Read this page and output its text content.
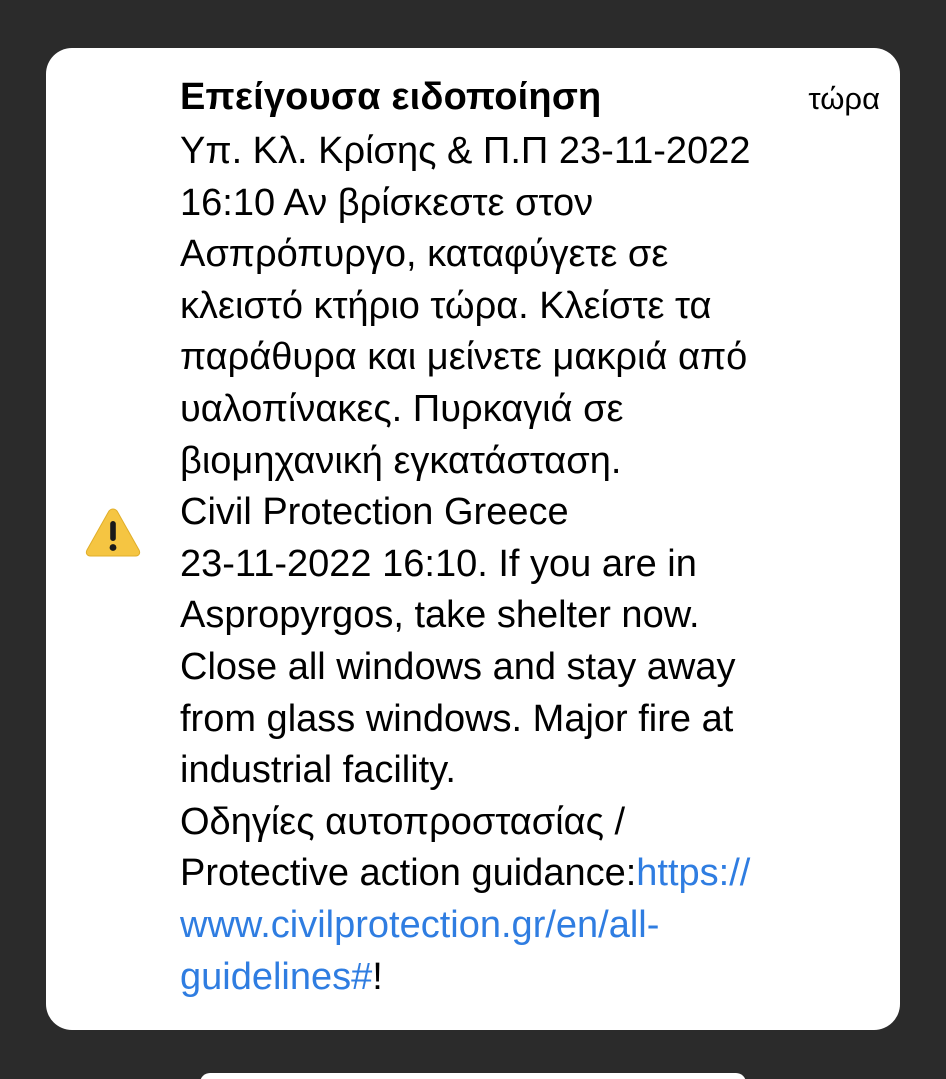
Επείγουσα ειδοποίηση	τώρα
Υπ. Κλ. Κρίσης & Π.Π 23-11-2022
16:10 Αν βρίσκεστε στον
Ασπρόπυργο, καταφύγετε σε
κλειστό κτήριο τώρα. Κλείστε τα
παράθυρα και μείνετε μακριά από
υαλοπίνακες. Πυρκαγιά σε
βιομηχανική εγκατάσταση.
Civil Protection Greece
23-11-2022 16:10. If you are in
Aspropyrgos, take shelter now.
Close all windows and stay away
from glass windows. Major fire at
industrial facility.
Οδηγίες αυτοπροστασίας /
Protective action guidance:https://
www.civilprotection.gr/en/all-
guidelines#!
